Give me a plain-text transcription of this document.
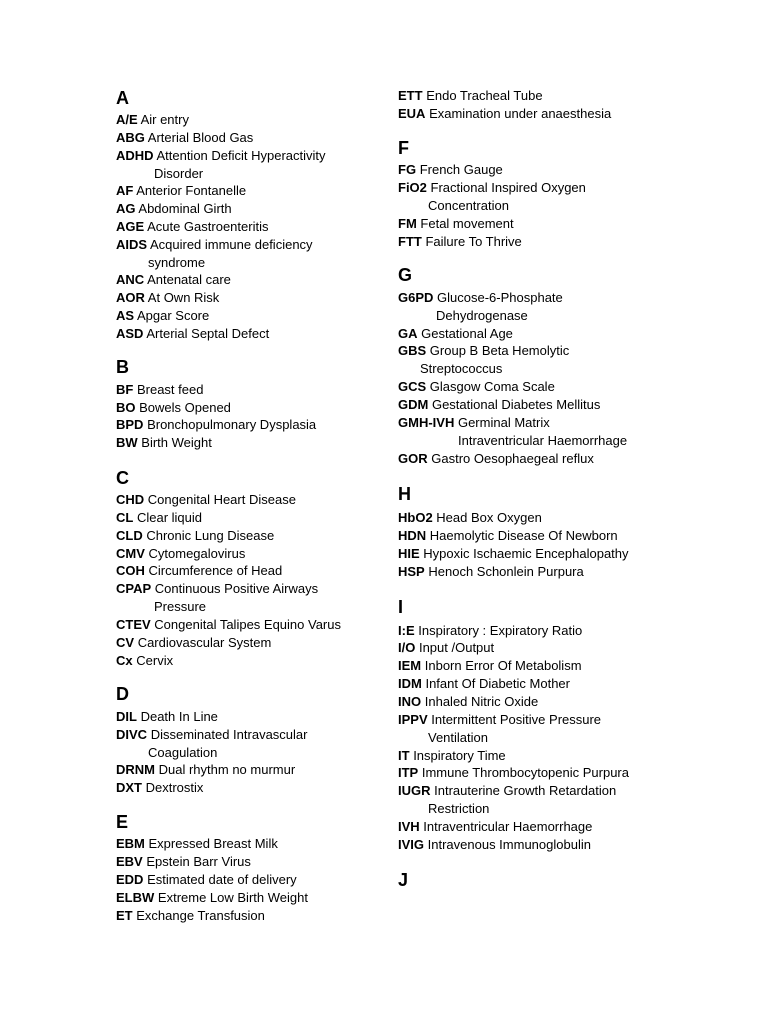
A
A/E Air entry
ABG Arterial Blood Gas
ADHD Attention Deficit Hyperactivity
Disorder
AF Anterior Fontanelle
AG Abdominal Girth
AGE Acute Gastroenteritis
AIDS Acquired immune deficiency
syndrome
ANC Antenatal care
AOR At Own Risk
AS Apgar Score
ASD Arterial Septal Defect
B
BF Breast feed
BO Bowels Opened
BPD Bronchopulmonary Dysplasia
BW Birth Weight
C
CHD Congenital Heart Disease
CL Clear liquid
CLD Chronic Lung Disease
CMV Cytomegalovirus
COH Circumference of Head
CPAP Continuous Positive Airways
Pressure
CTEV Congenital Talipes Equino Varus
CV Cardiovascular System
Cx Cervix
D
DIL Death In Line
DIVC Disseminated Intravascular
Coagulation
DRNM Dual rhythm no murmur
DXT Dextrostix
E
EBM Expressed Breast Milk
EBV Epstein Barr Virus
EDD Estimated date of delivery
ELBW Extreme Low Birth Weight
ET Exchange Transfusion
ETT Endo Tracheal Tube
EUA Examination under anaesthesia
F
FG French Gauge
FiO2 Fractional Inspired Oxygen
Concentration
FM Fetal movement
FTT Failure To Thrive
G
G6PD Glucose-6-Phosphate
Dehydrogenase
GA Gestational Age
GBS Group B Beta Hemolytic
Streptococcus
GCS Glasgow Coma Scale
GDM Gestational Diabetes Mellitus
GMH-IVH Germinal Matrix
Intraventricular Haemorrhage
GOR Gastro Oesophaegeal reflux
H
HbO2 Head Box Oxygen
HDN Haemolytic Disease Of Newborn
HIE Hypoxic Ischaemic Encephalopathy
HSP Henoch Schonlein Purpura
I
I:E Inspiratory : Expiratory Ratio
I/O Input /Output
IEM Inborn Error Of Metabolism
IDM Infant Of Diabetic Mother
INO Inhaled Nitric Oxide
IPPV Intermittent Positive Pressure
Ventilation
IT Inspiratory Time
ITP Immune Thrombocytopenic Purpura
IUGR Intrauterine Growth Retardation
Restriction
IVH Intraventricular Haemorrhage
IVIG Intravenous Immunoglobulin
J
